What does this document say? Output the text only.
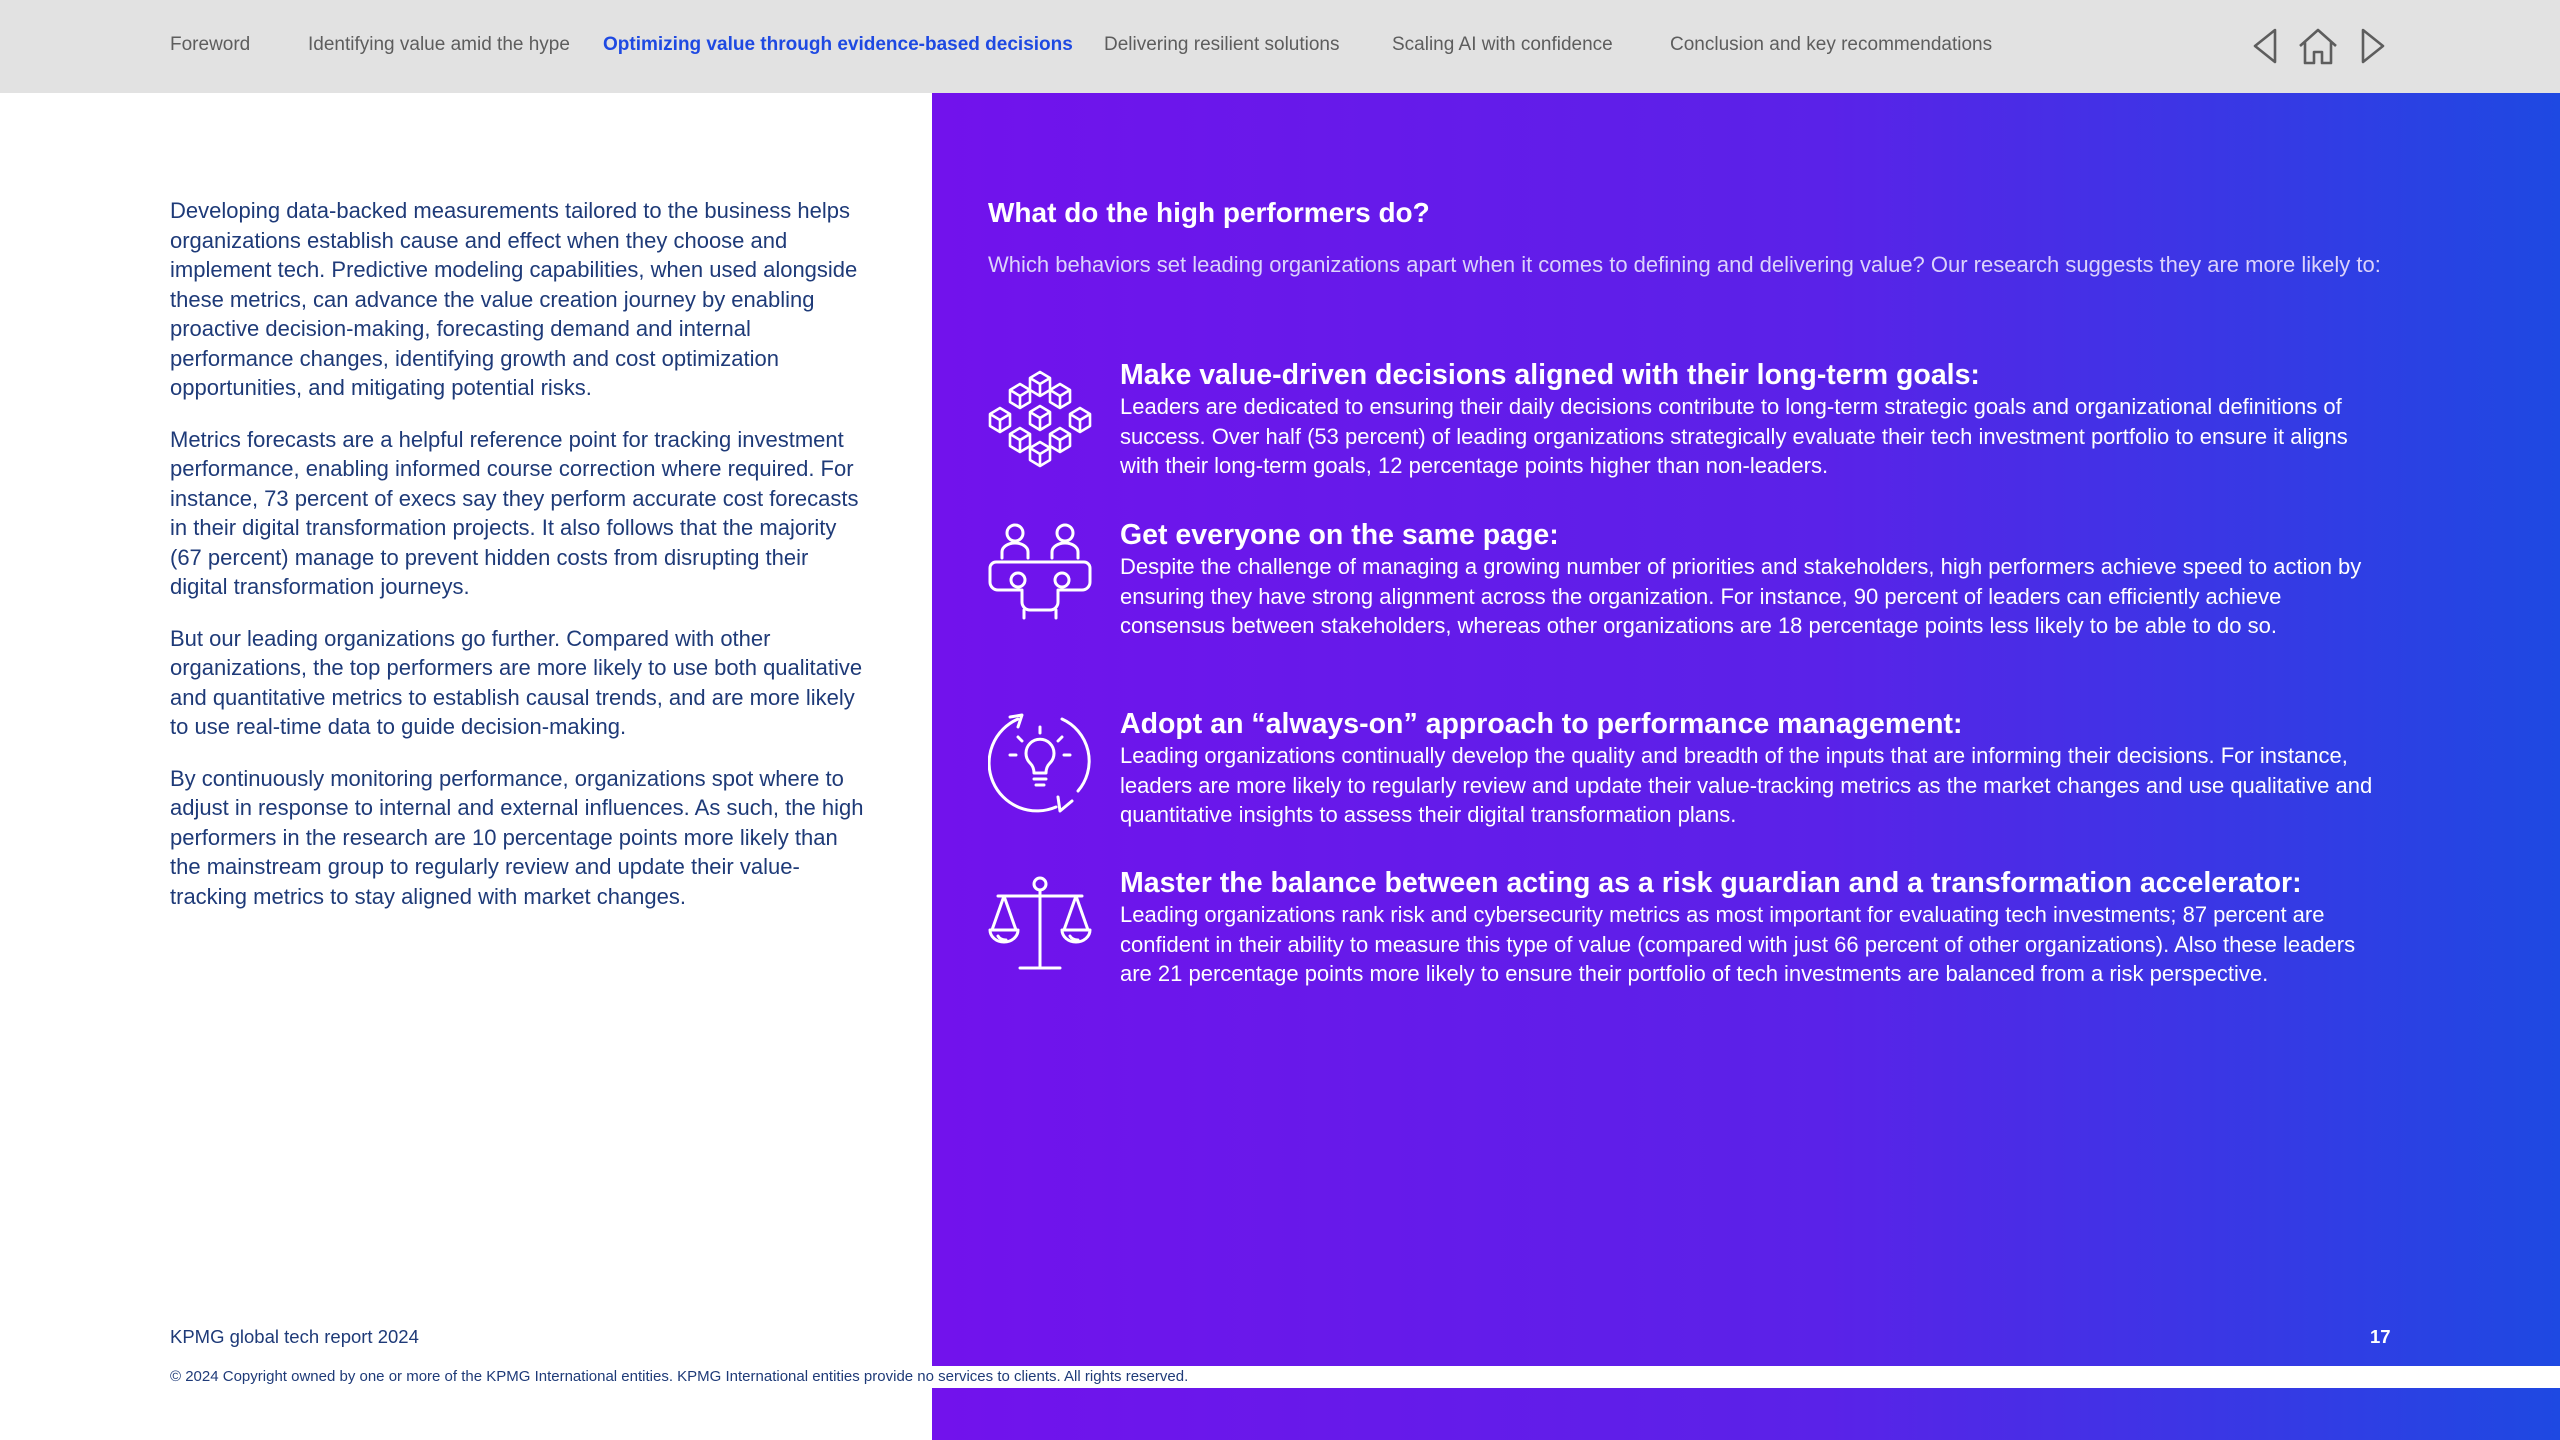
Foreword	Identifying value amid the hype Optimizing value through evidence-based decisions Delivering resilient solutions	Scaling AI with confidence	Conclusion and key recommendations

Developing data-backed measurements tailored to the business helps organizations establish cause and effect when they choose and implement tech. Predictive modeling capabilities, when used alongside these metrics, can advance the value creation journey by enabling proactive decision-making, forecasting demand and internal performance changes, identifying growth and cost optimization opportunities, and mitigating potential risks.

Metrics forecasts are a helpful reference point for tracking investment performance, enabling informed course correction where required. For instance, 73 percent of execs say they perform accurate cost forecasts in their digital transformation projects. It also follows that the majority (67 percent) manage to prevent hidden costs from disrupting their digital transformation journeys.

But our leading organizations go further. Compared with other organizations, the top performers are more likely to use both qualitative and quantitative metrics to establish causal trends, and are more likely to use real-time data to guide decision-making.

By continuously monitoring performance, organizations spot where to adjust in response to internal and external influences. As such, the high performers in the research are 10 percentage points more likely than the mainstream group to regularly review and update their value-tracking metrics to stay aligned with market changes.

What do the high performers do?
Which behaviors set leading organizations apart when it comes to defining and delivering value? Our research suggests they are more likely to:
Make value-driven decisions aligned with their long-term goals:
Leaders are dedicated to ensuring their daily decisions contribute to long-term strategic goals and organizational definitions of success. Over half (53 percent) of leading organizations strategically evaluate their tech investment portfolio to ensure it aligns with their long-term goals, 12 percentage points higher than non-leaders.
Get everyone on the same page:
Despite the challenge of managing a growing number of priorities and stakeholders, high performers achieve speed to action by ensuring they have strong alignment across the organization. For instance, 90 percent of leaders can efficiently achieve consensus between stakeholders, whereas other organizations are 18 percentage points less likely to be able to do so.
Adopt an “always-on” approach to performance management:
Leading organizations continually develop the quality and breadth of the inputs that are informing their decisions. For instance, leaders are more likely to regularly review and update their value-tracking metrics as the market changes and use qualitative and quantitative insights to assess their digital transformation plans.
Master the balance between acting as a risk guardian and a transformation accelerator:
Leading organizations rank risk and cybersecurity metrics as most important for evaluating tech investments; 87 percent are confident in their ability to measure this type of value (compared with just 66 percent of other organizations). Also these leaders are 21 percentage points more likely to ensure their portfolio of tech investments are balanced from a risk perspective.
KPMG global tech report 2024	17
© 2024 Copyright owned by one or more of the KPMG International entities. KPMG International entities provide no services to clients. All rights reserved.
